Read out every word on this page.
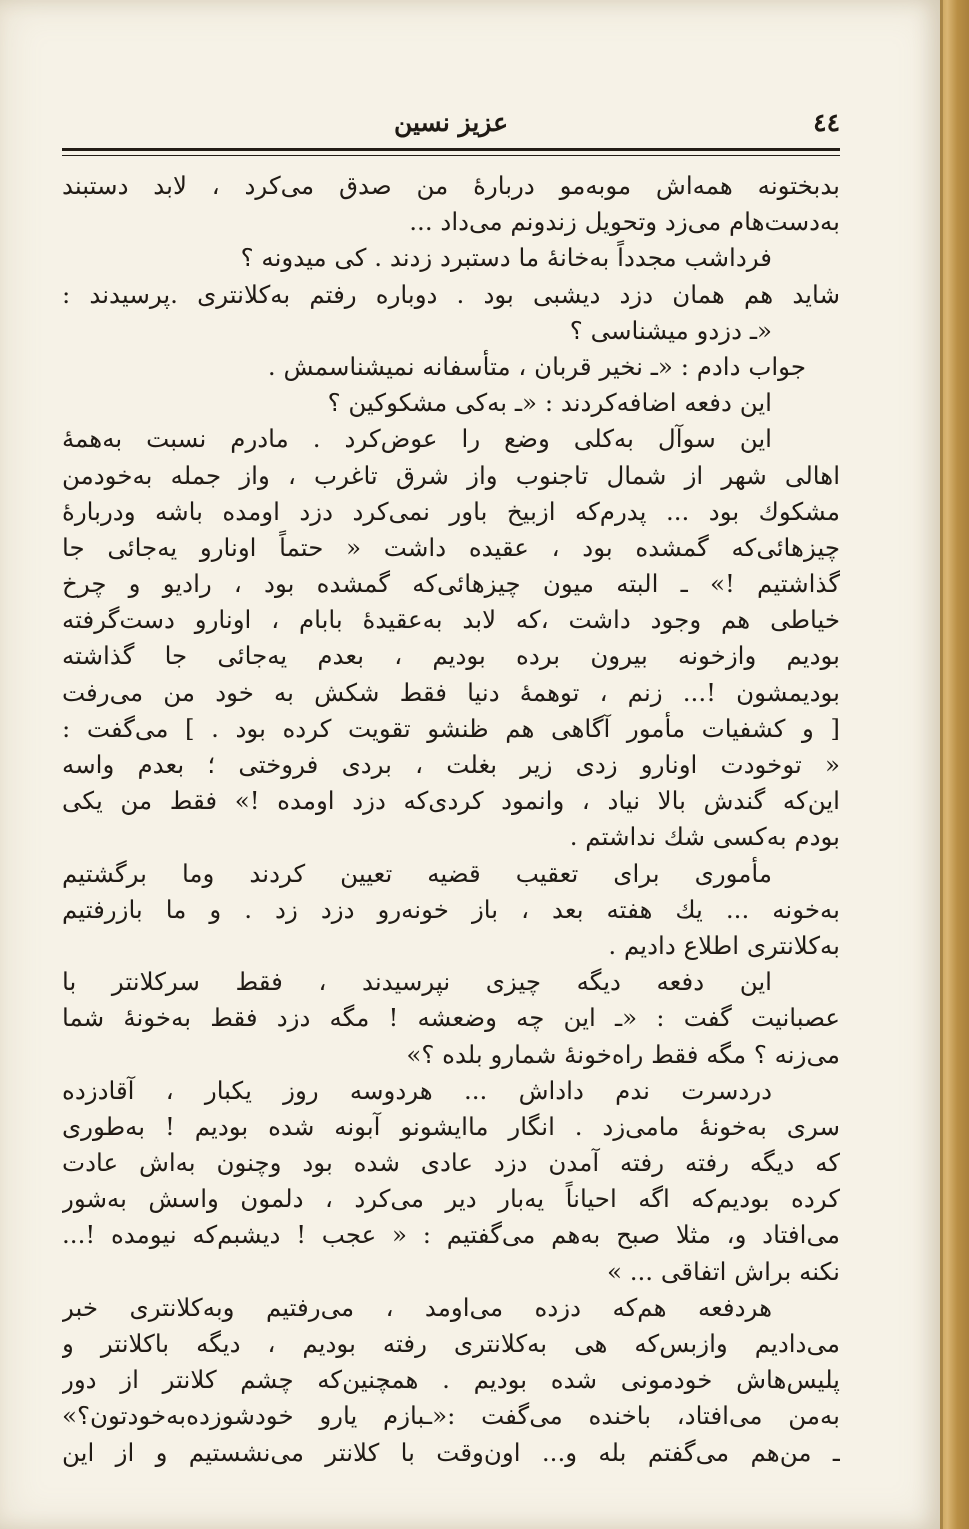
٤٤
عزیز نسین
بدبختونه همه‌اش موبه‌مو دربارهٔ من صدق می‌کرد ، لابد دستبند
به‌دست‌هام می‌زد وتحویل زندونم می‌داد ...
فرداشب مجدداً به‌خانهٔ ما دستبرد زدند . کی میدونه ؟
شاید هم همان دزد دیشبی بود . دوباره رفتم به‌کلانتری .پرسیدند :
«ـ دزدو میشناسی ؟
جواب دادم : «ـ نخیر قربان ، متأسفانه نمیشناسمش .
این دفعه اضافه‌کردند : «ـ به‌کی مشکوکین ؟
این سوآل به‌کلی وضع را عوض‌کرد . مادرم نسبت به‌همهٔ
اهالی شهر از شمال تاجنوب واز شرق تاغرب ، واز جمله به‌خودمن
مشکوك بود ... پدرم‌که ازبیخ باور نمی‌کرد دزد اومده باشه ودربارهٔ
چیزهائی‌که گمشده بود ، عقیده داشت « حتماً اونارو یه‌جائی جا
گذاشتیم !» ـ البته میون چیزهائی‌که گمشده بود ، رادیو و چرخ
خیاطی هم وجود داشت ،که لابد به‌عقیدهٔ بابام ، اونارو دست‌گرفته
بودیم وازخونه بیرون برده بودیم ، بعدم یه‌جائی جا گذاشته
بودیمشون !... زنم ، توهمهٔ دنیا فقط شکش به خود من می‌رفت
[ و کشفیات مأمور آگاهی هم ظنشو تقویت کرده بود . ] می‌گفت :
« توخودت اونارو زدی زیر بغلت ، بردی فروختی ؛ بعدم واسه
این‌که گندش بالا نیاد ، وانمود کردی‌که دزد اومده !» فقط من یکی
بودم به‌کسی شك نداشتم .
مأموری برای تعقیب قضیه تعیین کردند وما برگشتیم
به‌خونه ... یك هفته بعد ، باز خونه‌رو دزد زد . و ما بازرفتیم
به‌کلانتری اطلاع دادیم .
این دفعه دیگه چیزی نپرسیدند ، فقط سرکلانتر با
عصبانیت گفت : «ـ این چه وضعشه ! مگه دزد فقط به‌خونهٔ شما
می‌زنه ؟ مگه فقط راه‌خونهٔ شمارو بلده ؟»
دردسرت ندم داداش ... هردوسه روز یکبار ، آقادزده
سری به‌خونهٔ مامی‌زد . انگار ماایشونو آبونه شده بودیم ! به‌طوری
که دیگه رفته رفته آمدن دزد عادی شده بود وچنون به‌اش عادت
کرده بودیم‌که اگه احیاناً یه‌بار دیر می‌کرد ، دلمون واسش به‌شور
می‌افتاد و، مثلا صبح به‌هم می‌گفتیم : « عجب ! دیشبم‌که نیومده !...
نکنه براش اتفاقی ... »
هردفعه هم‌که دزده می‌اومد ، می‌رفتیم وبه‌کلانتری خبر
می‌دادیم وازبس‌که هی به‌کلانتری رفته بودیم ، دیگه باکلانتر و
پلیس‌هاش خودمونی شده بودیم . همچنین‌که چشم کلانتر از دور
به‌من می‌افتاد، باخنده می‌گفت :«ـبازم یارو خودشوزده‌به‌خودتون؟»
ـ من‌هم می‌گفتم بله و... اون‌وقت با کلانتر می‌نشستیم و از این
